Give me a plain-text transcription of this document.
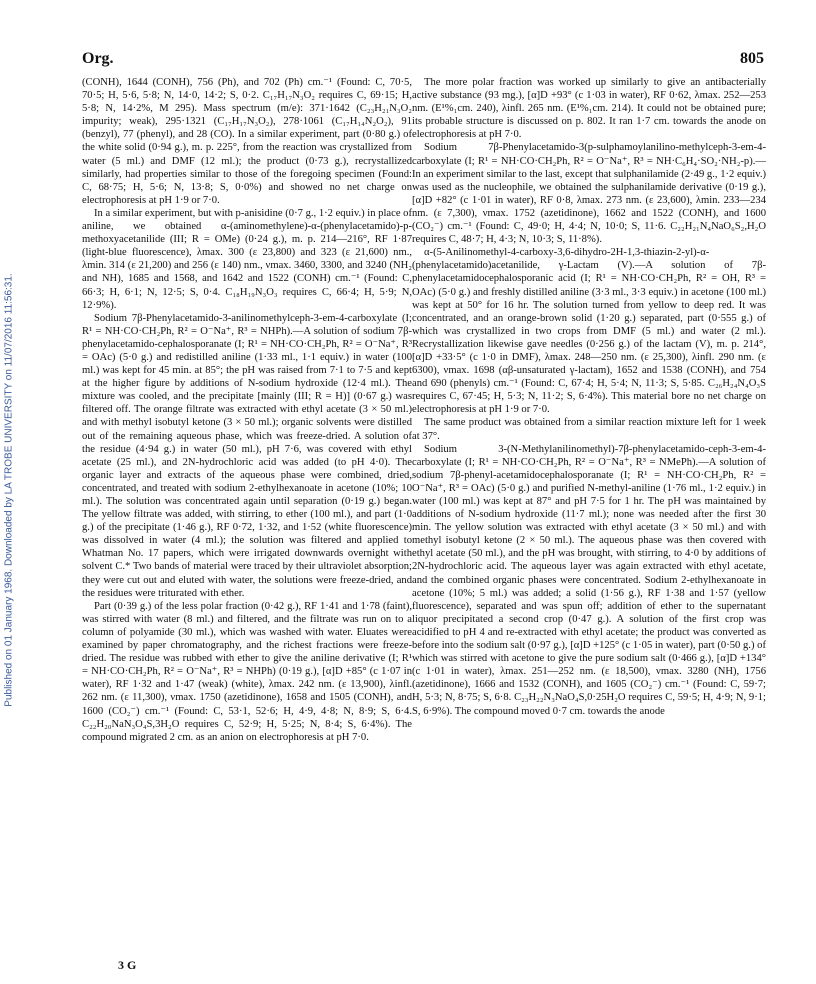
Published on 01 January 1968. Downloaded by LA TROBE UNIVERSITY on 11/07/2016 11:56:31.
Org.	805

(CONH), 1644 (CONH), 756 (Ph), and 702 (Ph) cm.⁻¹ (Found: C, 70·5, 70·5; H, 5·6, 5·8; N, 14·0, 14·2; S, 0·2. C₁₇H₁₇N₃O₂ requires C, 69·15; H, 5·8; N, 14·2%, M 295). Mass spectrum (m/e): 371·1642 (C₂₃H₂₁N₃O₂ impurity; weak), 295·1321 (C₁₇H₁₇N₃O₂), 278·1061 (C₁₇H₁₄N₂O₂), 91 (benzyl), 77 (phenyl), and 28 (CO). In a similar experiment, part (0·80 g.) of the white solid (0·94 g.), m. p. 225°, from the reaction was crystallized from water (5 ml.) and DMF (12 ml.); the product (0·73 g.), recrystallized similarly, had properties similar to those of the foregoing specimen (Found: C, 68·75; H, 5·6; N, 13·8; S, 0·0%) and showed no net charge on electrophoresis at pH 1·9 or 7·0.

In a similar experiment, but with p-anisidine (0·7 g., 1·2 equiv.) in place of aniline, we obtained α-(aminomethylene)-α-(phenylacetamido)-p-methoxyacetanilide (III; R = OMe) (0·24 g.), m. p. 214—216°, RF 1·87 (light-blue fluorescence), λmax. 300 (ε 23,800) and 323 (ε 21,600) nm., λmin. 314 (ε 21,200) and 256 (ε 140) nm., νmax. 3460, 3300, and 3240 (NH₂ and NH), 1685 and 1568, and 1642 and 1522 (CONH) cm.⁻¹ (Found: C, 66·3; H, 6·1; N, 12·5; S, 0·4. C₁₈H₁₉N₃O₃ requires C, 66·4; H, 5·9; N, 12·9%).

Sodium 7β-Phenylacetamido-3-anilinomethylceph-3-em-4-carboxylate (I; R¹ = NH·CO·CH₂Ph, R² = O⁻Na⁺, R³ = NHPh).—A solution of sodium 7β-phenylacetamido-cephalosporanate (I; R¹ = NH·CO·CH₂Ph, R² = O⁻Na⁺, R³ = OAc) (5·0 g.) and redistilled aniline (1·33 ml., 1·1 equiv.) in water (100 ml.) was kept for 45 min. at 85°; the pH was raised from 7·1 to 7·5 and kept at the higher figure by additions of N-sodium hydroxide (12·4 ml.). The mixture was cooled, and the precipitate [mainly (III; R = H)] (0·67 g.) was filtered off. The orange filtrate was extracted with ethyl acetate (3 × 50 ml.) and with methyl isobutyl ketone (3 × 50 ml.); organic solvents were distilled out of the remaining aqueous phase, which was freeze-dried. A solution of the residue (4·94 g.) in water (50 ml.), pH 7·6, was covered with ethyl acetate (25 ml.), and 2N-hydrochloric acid was added (to pH 4·0). The organic layer and extracts of the aqueous phase were combined, dried, concentrated, and treated with sodium 2-ethylhexanoate in acetone (10%; 10 ml.). The solution was concentrated again until separation (0·19 g.) began. The yellow filtrate was added, with stirring, to ether (100 ml.), and part (1·0 g.) of the precipitate (1·46 g.), RF 0·72, 1·32, and 1·52 (white fluorescence) was dissolved in water (4 ml.); the solution was filtered and applied to Whatman No. 17 papers, which were irrigated downwards overnight with solvent C.* Two bands of material were traced by their ultraviolet absorption; they were cut out and eluted with water, the solutions were freeze-dried, and the residues were triturated with ether.

Part (0·39 g.) of the less polar fraction (0·42 g.), RF 1·41 and 1·78 (faint), was stirred with water (8 ml.) and filtered, and the filtrate was run on to a column of polyamide (30 ml.), which was washed with water. Eluates were examined by paper chromatography, and the richest fractions were freeze-dried. The residue was rubbed with ether to give the aniline derivative (I; R¹ = NH·CO·CH₂Ph, R² = O⁻Na⁺, R³ = NHPh) (0·19 g.), [α]D +85° (c 1·07 in water), RF 1·32 and 1·47 (weak) (white), λmax. 242 nm. (ε 13,900), λinfl. 262 nm. (ε 11,300), νmax. 1750 (azetidinone), 1658 and 1505 (CONH), and 1600 (CO₂⁻) cm.⁻¹ (Found: C, 53·1, 52·6; H, 4·9, 4·8; N, 8·9; S, 6·4. C₂₂H₂₀NaN₃O₄S,3H₂O requires C, 52·9; H, 5·25; N, 8·4; S, 6·4%). The compound migrated 2 cm. as an anion on electrophoresis at pH 7·0.

The more polar fraction was worked up similarly to give an antibacterially active substance (93 mg.), [α]D +93° (c 1·03 in water), RF 0·62, λmax. 252—253 nm. (E¹%₁cm. 240), λinfl. 265 nm. (E¹%₁cm. 214). It could not be obtained pure; its probable structure is discussed on p. 802. It ran 1·7 cm. towards the anode on electrophoresis at pH 7·0.

Sodium 7β-Phenylacetamido-3(p-sulphamoylanilino-methylceph-3-em-4-carboxylate (I; R¹ = NH·CO·CH₂Ph, R² = O⁻Na⁺, R³ = NH·C₆H₄·SO₂·NH₂-p).—In an experiment similar to the last, except that sulphanilamide (2·49 g., 1·2 equiv.) was used as the nucleophile, we obtained the sulphanilamide derivative (0·19 g.), [α]D +82° (c 1·01 in water), RF 0·8, λmax. 273 nm. (ε 23,600), λmin. 233—234 nm. (ε 7,300), νmax. 1752 (azetidinone), 1662 and 1522 (CONH), and 1600 (CO₂⁻) cm.⁻¹ (Found: C, 49·0; H, 4·4; N, 10·0; S, 11·6. C₂₂H₂₁N₄NaO₆S₂,H₂O requires C, 48·7; H, 4·3; N, 10·3; S, 11·8%).

α-(5-Anilinomethyl-4-carboxy-3,6-dihydro-2H-1,3-thiazin-2-yl)-α-(phenylacetamido)acetanilide, γ-Lactam (V).—A solution of 7β-phenylacetamidocephalosporanic acid (I; R¹ = NH·CO·CH₂Ph, R² = OH, R³ = OAc) (5·0 g.) and freshly distilled aniline (3·3 ml., 3·3 equiv.) in acetone (100 ml.) was kept at 50° for 16 hr. The solution turned from yellow to deep red. It was concentrated, and an orange-brown solid (1·20 g.) separated, part (0·555 g.) of which was crystallized in two crops from DMF (5 ml.) and water (2 ml.). Recrystallization likewise gave needles (0·256 g.) of the lactam (V), m. p. 214°, [α]D +33·5° (c 1·0 in DMF), λmax. 248—250 nm. (ε 25,300), λinfl. 290 nm. (ε 6300), νmax. 1698 (αβ-unsaturated γ-lactam), 1652 and 1538 (CONH), and 754 and 690 (phenyls) cm.⁻¹ (Found: C, 67·4; H, 5·4; N, 11·3; S, 5·85. C₂₆H₂₄N₄O₃S requires C, 67·45; H, 5·3; N, 11·2; S, 6·4%). This material bore no net charge on electrophoresis at pH 1·9 or 7·0.

The same product was obtained from a similar reaction mixture left for 1 week at 37°.

Sodium 3-(N-Methylanilinomethyl)-7β-phenylacetamido-ceph-3-em-4-carboxylate (I; R¹ = NH·CO·CH₂Ph, R² = O⁻Na⁺, R³ = NMePh).—A solution of sodium 7β-phenyl-acetamidocephalosporanate (I; R¹ = NH·CO·CH₂Ph, R² = O⁻Na⁺, R³ = OAc) (5·0 g.) and purified N-methyl-aniline (1·76 ml., 1·2 equiv.) in water (100 ml.) was kept at 87° and pH 7·5 for 1 hr. The pH was maintained by additions of N-sodium hydroxide (11·7 ml.); none was needed after the first 30 min. The yellow solution was extracted with ethyl acetate (3 × 50 ml.) and with methyl isobutyl ketone (2 × 50 ml.). The aqueous phase was then covered with ethyl acetate (50 ml.), and the pH was brought, with stirring, to 4·0 by additions of 2N-hydrochloric acid. The aqueous layer was again extracted with ethyl acetate, and the combined organic phases were concentrated. Sodium 2-ethylhexanoate in acetone (10%; 5 ml.) was added; a solid (1·56 g.), RF 1·38 and 1·57 (yellow fluorescence), separated and was spun off; addition of ether to the supernatant liquor precipitated a second crop (0·47 g.). A solution of the first crop was acidified to pH 4 and re-extracted with ethyl acetate; the product was converted as before into the sodium salt (0·97 g.), [α]D +125° (c 1·05 in water), part (0·50 g.) of which was stirred with acetone to give the pure sodium salt (0·466 g.), [α]D +134° (c 1·01 in water), λmax. 251—252 nm. (ε 18,500), νmax. 3280 (NH), 1756 (azetidinone), 1666 and 1532 (CONH), and 1605 (CO₂⁻) cm.⁻¹ (Found: C, 59·7; H, 5·3; N, 8·75; S, 6·8. C₂₃H₂₂N₃NaO₄S,0·25H₂O requires C, 59·5; H, 4·9; N, 9·1; S, 6·9%). The compound moved 0·7 cm. towards the anode

3 G
